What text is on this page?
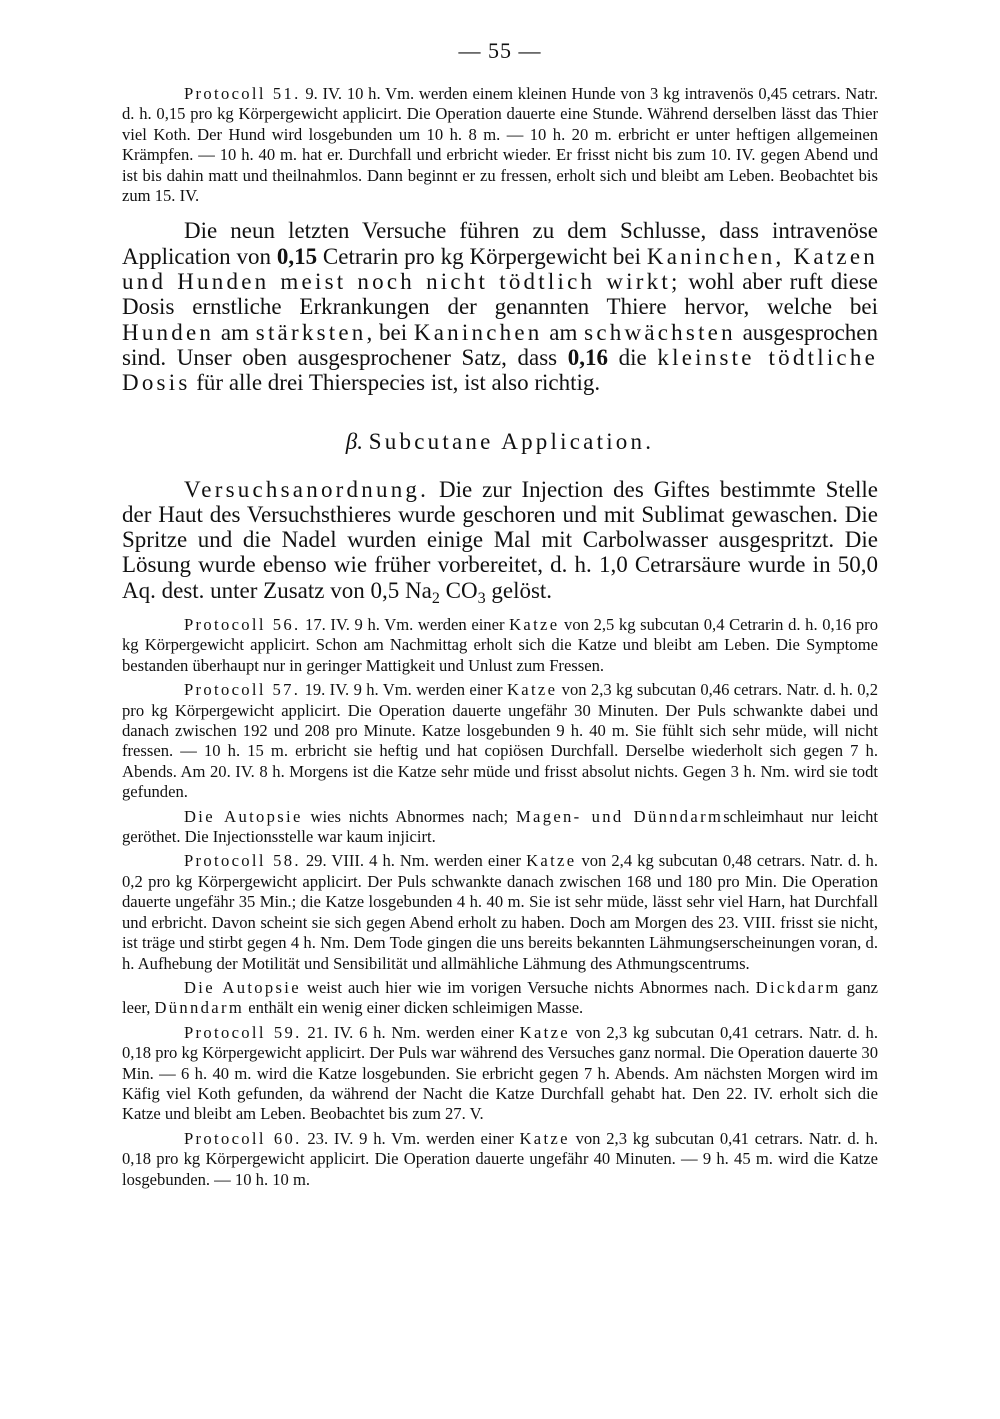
— 55 —

Protocoll 51. 9. IV. 10 h. Vm. werden einem kleinen Hunde von 3 kg intravenös 0,45 cetrars. Natr. d. h. 0,15 pro kg Körpergewicht applicirt. Die Operation dauerte eine Stunde. Während derselben lässt das Thier viel Koth. Der Hund wird losgebunden um 10 h. 8 m. — 10 h. 20 m. erbricht er unter heftigen allgemeinen Krämpfen. — 10 h. 40 m. hat er. Durchfall und erbricht wieder. Er frisst nicht bis zum 10. IV. gegen Abend und ist bis dahin matt und theilnahmlos. Dann beginnt er zu fressen, erholt sich und bleibt am Leben. Beobachtet bis zum 15. IV.

Die neun letzten Versuche führen zu dem Schlusse, dass intravenöse Application von 0,15 Cetrarin pro kg Körpergewicht bei Kaninchen, Katzen und Hunden meist noch nicht tödtlich wirkt; wohl aber ruft diese Dosis ernstliche Erkrankungen der genannten Thiere hervor, welche bei Hunden am stärksten, bei Kaninchen am schwächsten ausgesprochen sind. Unser oben ausgesprochener Satz, dass 0,16 die kleinste tödtliche Dosis für alle drei Thierspecies ist, ist also richtig.

β. Subcutane Application.

Versuchsanordnung. Die zur Injection des Giftes bestimmte Stelle der Haut des Versuchsthieres wurde geschoren und mit Sublimat gewaschen. Die Spritze und die Nadel wurden einige Mal mit Carbolwasser ausgespritzt. Die Lösung wurde ebenso wie früher vorbereitet, d. h. 1,0 Cetrarsäure wurde in 50,0 Aq. dest. unter Zusatz von 0,5 $Na_2$ $CO_3$ gelöst.

Protocoll 56. 17. IV. 9 h. Vm. werden einer Katze von 2,5 kg subcutan 0,4 Cetrarin d. h. 0,16 pro kg Körpergewicht applicirt. Schon am Nachmittag erholt sich die Katze und bleibt am Leben. Die Symptome bestanden überhaupt nur in geringer Mattigkeit und Unlust zum Fressen.

Protocoll 57. 19. IV. 9 h. Vm. werden einer Katze von 2,3 kg subcutan 0,46 cetrars. Natr. d. h. 0,2 pro kg Körpergewicht applicirt. Die Operation dauerte ungefähr 30 Minuten. Der Puls schwankte dabei und danach zwischen 192 und 208 pro Minute. Katze losgebunden 9 h. 40 m. Sie fühlt sich sehr müde, will nicht fressen. — 10 h. 15 m. erbricht sie heftig und hat copiösen Durchfall. Derselbe wiederholt sich gegen 7 h. Abends. Am 20. IV. 8 h. Morgens ist die Katze sehr müde und frisst absolut nichts. Gegen 3 h. Nm. wird sie todt gefunden.

Die Autopsie wies nichts Abnormes nach; Magen- und Dünndarmschleimhaut nur leicht geröthet. Die Injectionsstelle war kaum injicirt.

Protocoll 58. 29. VIII. 4 h. Nm. werden einer Katze von 2,4 kg subcutan 0,48 cetrars. Natr. d. h. 0,2 pro kg Körpergewicht applicirt. Der Puls schwankte danach zwischen 168 und 180 pro Min. Die Operation dauerte ungefähr 35 Min.; die Katze losgebunden 4 h. 40 m. Sie ist sehr müde, lässt sehr viel Harn, hat Durchfall und erbricht. Davon scheint sie sich gegen Abend erholt zu haben. Doch am Morgen des 23. VIII. frisst sie nicht, ist träge und stirbt gegen 4 h. Nm. Dem Tode gingen die uns bereits bekannten Lähmungserscheinungen voran, d. h. Aufhebung der Motilität und Sensibilität und allmähliche Lähmung des Athmungscentrums.

Die Autopsie weist auch hier wie im vorigen Versuche nichts Abnormes nach. Dickdarm ganz leer, Dünndarm enthält ein wenig einer dicken schleimigen Masse.

Protocoll 59. 21. IV. 6 h. Nm. werden einer Katze von 2,3 kg subcutan 0,41 cetrars. Natr. d. h. 0,18 pro kg Körpergewicht applicirt. Der Puls war während des Versuches ganz normal. Die Operation dauerte 30 Min. — 6 h. 40 m. wird die Katze losgebunden. Sie erbricht gegen 7 h. Abends. Am nächsten Morgen wird im Käfig viel Koth gefunden, da während der Nacht die Katze Durchfall gehabt hat. Den 22. IV. erholt sich die Katze und bleibt am Leben. Beobachtet bis zum 27. V.

Protocoll 60. 23. IV. 9 h. Vm. werden einer Katze von 2,3 kg subcutan 0,41 cetrars. Natr. d. h. 0,18 pro kg Körpergewicht applicirt. Die Operation dauerte ungefähr 40 Minuten. — 9 h. 45 m. wird die Katze losgebunden. — 10 h. 10 m.
